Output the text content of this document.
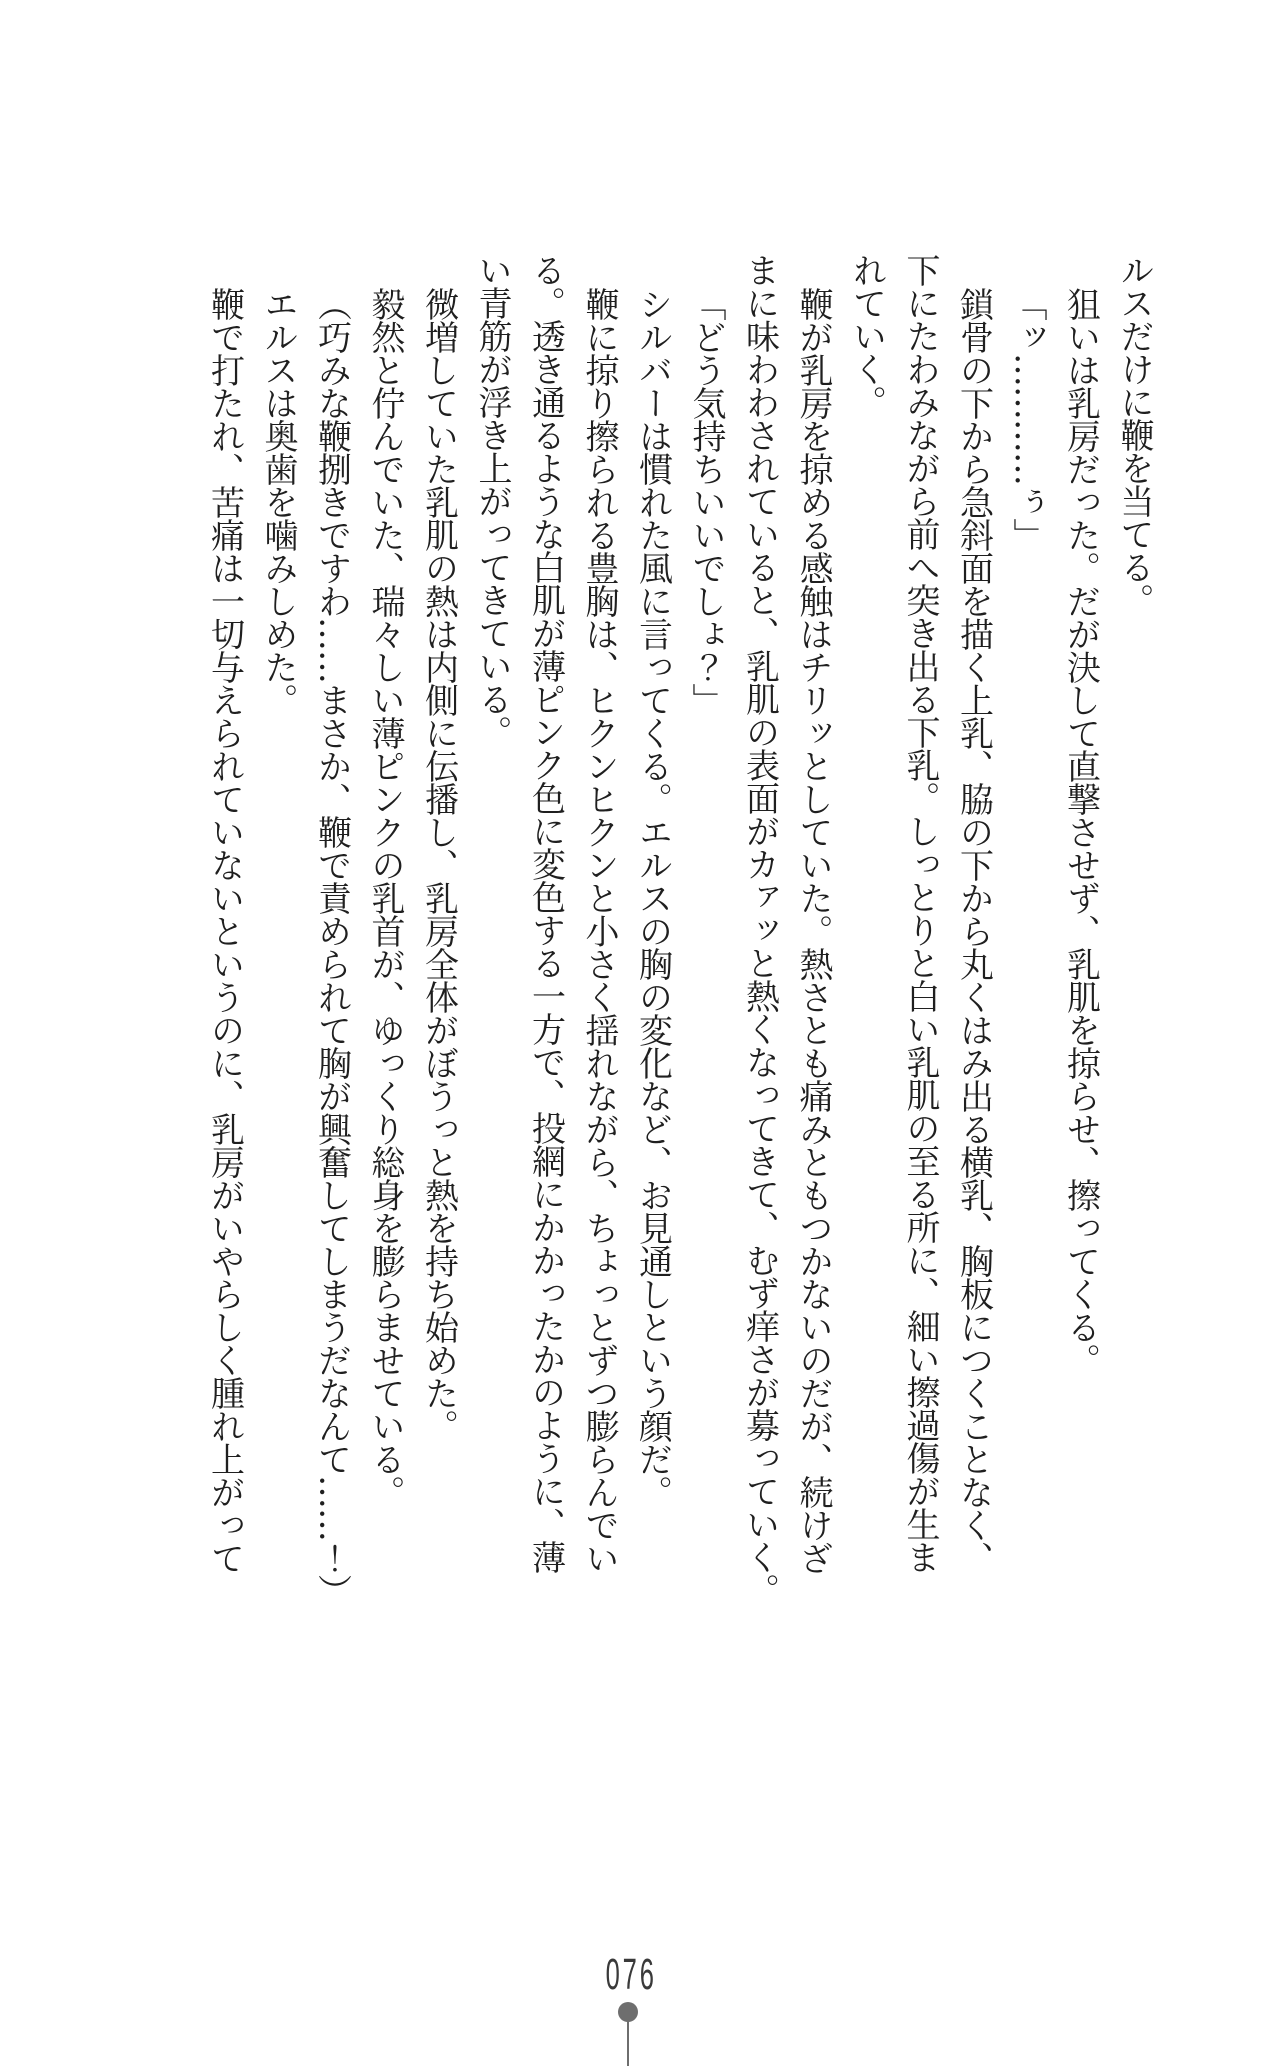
ルスだけに鞭を当てる。

狙いは乳房だった。だが決して直撃させず、乳肌を掠らせ、擦ってくる。

「ッ…………ぅ」

鎖骨の下から急斜面を描く上乳、脇の下から丸くはみ出る横乳、胸板につくことなく、

下にたわみながら前へ突き出る下乳。しっとりと白い乳肌の至る所に、細い擦過傷が生ま

れていく。

鞭が乳房を掠める感触はチリッとしていた。熱さとも痛みともつかないのだが、続けざ

まに味わわされていると、乳肌の表面がカァッと熱くなってきて、むず痒さが募っていく。

「どう気持ちいいでしょ？」

シルバーは慣れた風に言ってくる。エルスの胸の変化など、お見通しという顔だ。

鞭に掠り擦られる豊胸は、ヒクンヒクンと小さく揺れながら、ちょっとずつ膨らんでい

る。透き通るような白肌が薄ピンク色に変色する一方で、投網にかかったかのように、薄

い青筋が浮き上がってきている。

微増していた乳肌の熱は内側に伝播し、乳房全体がぼうっと熱を持ち始めた。

毅然と佇んでいた、瑞々しい薄ピンクの乳首が、ゆっくり総身を膨らませている。

（巧みな鞭捌きですわ……まさか、鞭で責められて胸が興奮してしまうだなんて……！）

エルスは奥歯を噛みしめた。

鞭で打たれ、苦痛は一切与えられていないというのに、乳房がいやらしく腫れ上がって

076
